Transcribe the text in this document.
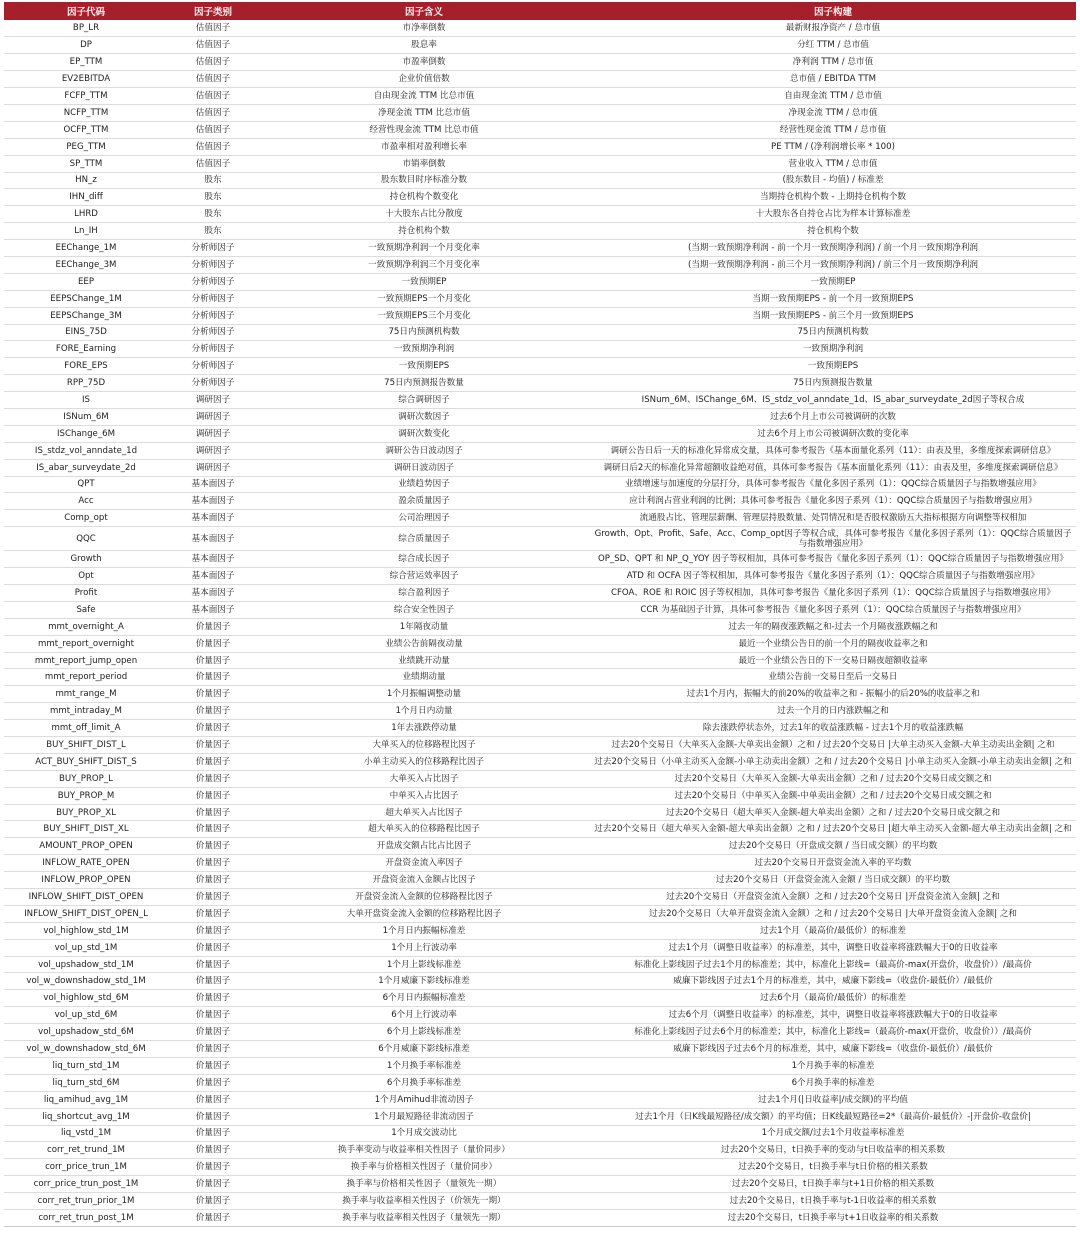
因子代码	因子类别	因子含义	因子构建
BP_LR	估值因子	市净率倒数	最新财报净资产 / 总市值
DP	估值因子	股息率	分红 TTM / 总市值
EP_TTM	估值因子	市盈率倒数	净利润 TTM / 总市值
EV2EBITDA	估值因子	企业价值倍数	总市值 / EBITDA TTM
FCFP_TTM	估值因子	自由现金流 TTM 比总市值	自由现金流 TTM / 总市值
NCFP_TTM	估值因子	净现金流 TTM 比总市值	净现金流 TTM / 总市值
OCFP_TTM	估值因子	经营性现金流 TTM 比总市值	经营性现金流 TTM / 总市值
PEG_TTM	估值因子	市盈率相对盈利增长率	PE TTM / (净利润增长率 * 100)
SP_TTM	估值因子	市销率倒数	营业收入 TTM / 总市值
HN_z	股东	股东数目时序标准分数	(股东数目 - 均值) / 标准差
IHN_diff	股东	持仓机构个数变化	当期持仓机构个数 - 上期持仓机构个数
LHRD	股东	十大股东占比分散度	十大股东各自持仓占比为样本计算标准差
Ln_IH	股东	持仓机构个数	持仓机构个数
EEChange_1M	分析师因子	一致预期净利润一个月变化率	(当期一致预期净利润 - 前一个月一致预期净利润) / 前一个月一致预期净利润
EEChange_3M	分析师因子	一致预期净利润三个月变化率	(当期一致预期净利润 - 前三个月一致预期净利润) / 前三个月一致预期净利润
EEP	分析师因子	一致预期EP	一致预期EP
EEPSChange_1M	分析师因子	一致预期EPS一个月变化	当期一致预期EPS - 前一个月一致预期EPS
EEPSChange_3M	分析师因子	一致预期EPS三个月变化	当期一致预期EPS - 前三个月一致预期EPS
EINS_75D	分析师因子	75日内预测机构数	75日内预测机构数
FORE_Earning	分析师因子	一致预期净利润	一致预期净利润
FORE_EPS	分析师因子	一致预期EPS	一致预期EPS
RPP_75D	分析师因子	75日内预测报告数量	75日内预测报告数量
IS	调研因子	综合调研因子	ISNum_6M、ISChange_6M、IS_stdz_vol_anndate_1d、IS_abar_surveydate_2d因子等权合成
ISNum_6M	调研因子	调研次数因子	过去6个月上市公司被调研的次数
ISChange_6M	调研因子	调研次数变化	过去6个月上市公司被调研次数的变化率
IS_stdz_vol_anndate_1d	调研因子	调研公告日波动因子	调研公告日后一天的标准化异常成交量，具体可参考报告《基本面量化系列（11）：由表及里，多维度探索调研信息》
IS_abar_surveydate_2d	调研因子	调研日波动因子	调研日后2天的标准化异常超额收益绝对值，具体可参考报告《基本面量化系列（11）：由表及里，多维度探索调研信息》
QPT	基本面因子	业绩趋势因子	业绩增速与加速度的分层打分，具体可参考报告《量化多因子系列（1）：QQC综合质量因子与指数增强应用》
Acc	基本面因子	盈余质量因子	应计利润占营业利润的比例；具体可参考报告《量化多因子系列（1）：QQC综合质量因子与指数增强应用》
Comp_opt	基本面因子	公司治理因子	流通股占比、管理层薪酬、管理层持股数量、处罚情况和是否股权激励五大指标根据方向调整等权相加
QQC	基本面因子	综合质量因子	Growth、Opt、Profit、Safe、Acc、Comp_opt因子等权合成，具体可参考报告《量化多因子系列（1）：QQC综合质量因子与指数增强应用》
Growth	基本面因子	综合成长因子	OP_SD、QPT 和 NP_Q_YOY 因子等权相加，具体可参考报告《量化多因子系列（1）：QQC综合质量因子与指数增强应用》
Opt	基本面因子	综合营运效率因子	ATD 和 OCFA 因子等权相加，具体可参考报告《量化多因子系列（1）：QQC综合质量因子与指数增强应用》
Profit	基本面因子	综合盈利因子	CFOA、ROE 和 ROIC 因子等权相加，具体可参考报告《量化多因子系列（1）：QQC综合质量因子与指数增强应用》
Safe	基本面因子	综合安全性因子	CCR 为基础因子计算，具体可参考报告《量化多因子系列（1）：QQC综合质量因子与指数增强应用》
mmt_overnight_A	价量因子	1年隔夜动量	过去一年的隔夜涨跌幅之和-过去一个月隔夜涨跌幅之和
mmt_report_overnight	价量因子	业绩公告前隔夜动量	最近一个业绩公告日的前一个月的隔夜收益率之和
mmt_report_jump_open	价量因子	业绩跳开动量	最近一个业绩公告日的下一交易日隔夜超额收益率
mmt_report_period	价量因子	业绩期动量	业绩公告前一交易日至后一交易日
mmt_range_M	价量因子	1个月振幅调整动量	过去1个月内，振幅大的前20%的收益率之和 - 振幅小的后20%的收益率之和
mmt_intraday_M	价量因子	1个月日内动量	过去一个月的日内涨跌幅之和
mmt_off_limit_A	价量因子	1年去涨跌停动量	除去涨跌停状态外，过去1年的收益涨跌幅 - 过去1个月的收益涨跌幅
BUY_SHIFT_DIST_L	价量因子	大单买入的位移路程比因子	过去20个交易日（大单买入金额-大单卖出金额）之和 / 过去20个交易日 |大单主动买入金额-大单主动卖出金额| 之和
ACT_BUY_SHIFT_DIST_S	价量因子	小单主动买入的位移路程比因子	过去20个交易日（小单主动买入金额-小单主动卖出金额）之和 / 过去20个交易日 |小单主动买入金额-小单主动卖出金额| 之和
BUY_PROP_L	价量因子	大单买入占比因子	过去20个交易日（大单买入金额-大单卖出金额）之和 / 过去20个交易日成交额之和
BUY_PROP_M	价量因子	中单买入占比因子	过去20个交易日（中单买入金额-中单卖出金额）之和 / 过去20个交易日成交额之和
BUY_PROP_XL	价量因子	超大单买入占比因子	过去20个交易日（超大单买入金额-超大单卖出金额）之和 / 过去20个交易日成交额之和
BUY_SHIFT_DIST_XL	价量因子	超大单买入的位移路程比因子	过去20个交易日（超大单买入金额-超大单卖出金额）之和 / 过去20个交易日 |超大单主动买入金额-超大单主动卖出金额| 之和
AMOUNT_PROP_OPEN	价量因子	开盘成交额占比占比因子	过去20个交易日（开盘成交额 / 当日成交额）的平均数
INFLOW_RATE_OPEN	价量因子	开盘资金流入率因子	过去20个交易日开盘资金流入率的平均数
INFLOW_PROP_OPEN	价量因子	开盘资金流入金额占比因子	过去20个交易日（开盘资金流入金额 / 当日成交额）的平均数
INFLOW_SHIFT_DIST_OPEN	价量因子	开盘资金流入金额的位移路程比因子	过去20个交易日（开盘资金流入金额）之和 / 过去20个交易日 |开盘资金流入金额| 之和
INFLOW_SHIFT_DIST_OPEN_L	价量因子	大单开盘资金流入金额的位移路程比因子	过去20个交易日（大单开盘资金流入金额）之和 / 过去20个交易日 |大单开盘资金流入金额| 之和
vol_highlow_std_1M	价量因子	1个月日内振幅标准差	过去1个月（最高价/最低价）的标准差
vol_up_std_1M	价量因子	1个月上行波动率	过去1个月（调整日收益率）的标准差，其中，调整日收益率将涨跌幅大于0的日收益率
vol_upshadow_std_1M	价量因子	1个月上影线标准差	标准化上影线因子过去1个月的标准差；其中，标准化上影线=（最高价-max(开盘价，收盘价））/最高价
vol_w_downshadow_std_1M	价量因子	1个月威廉下影线标准差	威廉下影线因子过去1个月的标准差，其中，威廉下影线=（收盘价-最低价）/最低价
vol_highlow_std_6M	价量因子	6个月日内振幅标准差	过去6个月（最高价/最低价）的标准差
vol_up_std_6M	价量因子	6个月上行波动率	过去6个月（调整日收益率）的标准差，其中，调整日收益率将涨跌幅大于0的日收益率
vol_upshadow_std_6M	价量因子	6个月上影线标准差	标准化上影线因子过去6个月的标准差；其中，标准化上影线=（最高价-max(开盘价，收盘价））/最高价
vol_w_downshadow_std_6M	价量因子	6个月威廉下影线标准差	威廉下影线因子过去6个月的标准差，其中，威廉下影线=（收盘价-最低价）/最低价
liq_turn_std_1M	价量因子	1个月换手率标准差	1个月换手率的标准差
liq_turn_std_6M	价量因子	6个月换手率标准差	6个月换手率的标准差
liq_amihud_avg_1M	价量因子	1个月Amihud非流动因子	过去1个月(|日收益率|/成交额)的平均值
liq_shortcut_avg_1M	价量因子	1个月最短路径非流动因子	过去1个月（日K线最短路径/成交额）的平均值；日K线最短路径=2*（最高价-最低价）-|开盘价-收盘价|
liq_vstd_1M	价量因子	1个月成交波动比	1个月成交额/过去1个月收益率标准差
corr_ret_trund_1M	价量因子	换手率变动与收益率相关性因子（量价同步）	过去20个交易日，t日换手率的变动与t日收益率的相关系数
corr_price_trun_1M	价量因子	换手率与价格相关性因子（量价同步）	过去20个交易日，t日换手率与t日价格的相关系数
corr_price_trun_post_1M	价量因子	换手率与价格相关性因子（量领先一期）	过去20个交易日，t日换手率与t+1日价格的相关系数
corr_ret_trun_prior_1M	价量因子	换手率与收益率相关性因子（价领先一期）	过去20个交易日，t日换手率与t-1日收益率的相关系数
corr_ret_trun_post_1M	价量因子	换手率与收益率相关性因子（量领先一期）	过去20个交易日，t日换手率与t+1日收益率的相关系数
